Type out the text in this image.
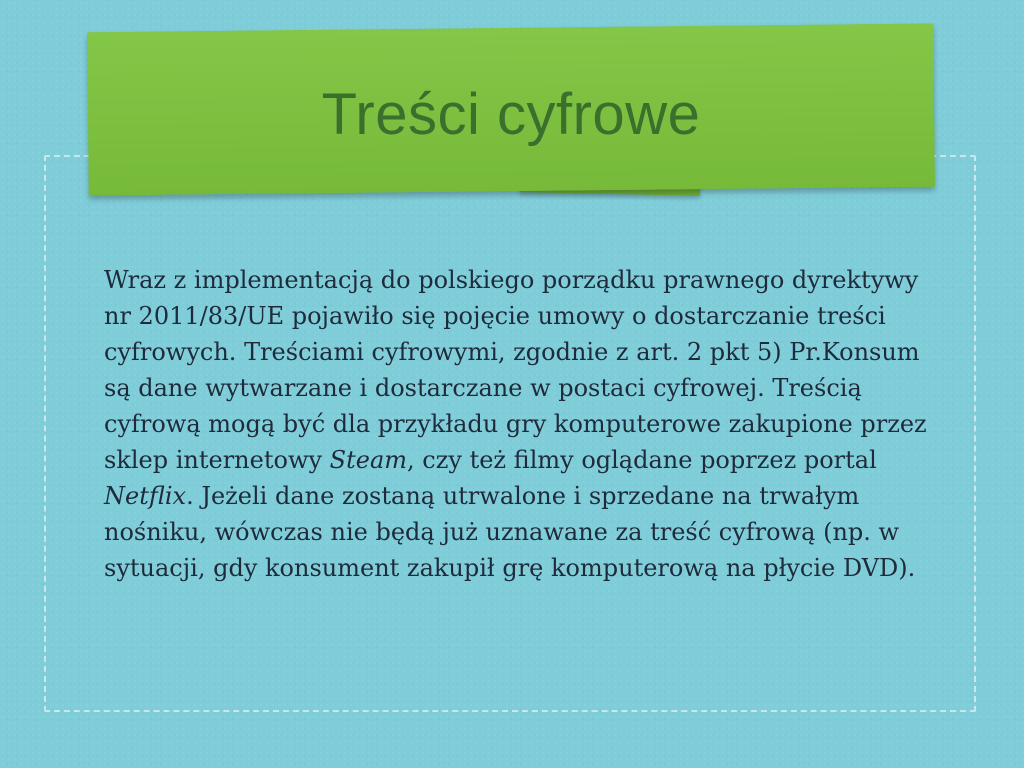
Treści cyfrowe

Wraz z implementacją do polskiego porządku prawnego dyrektywy nr 2011/83/UE pojawiło się pojęcie umowy o dostarczanie treści cyfrowych. Treściami cyfrowymi, zgodnie z art. 2 pkt 5) Pr.Konsum są dane wytwarzane i dostarczane w postaci cyfrowej. Treścią cyfrową mogą być dla przykładu gry komputerowe zakupione przez sklep internetowy Steam, czy też filmy oglądane poprzez portal Netflix. Jeżeli dane zostaną utrwalone i sprzedane na trwałym nośniku, wówczas nie będą już uznawane za treść cyfrową (np. w sytuacji, gdy konsument zakupił grę komputerową na płycie DVD).
